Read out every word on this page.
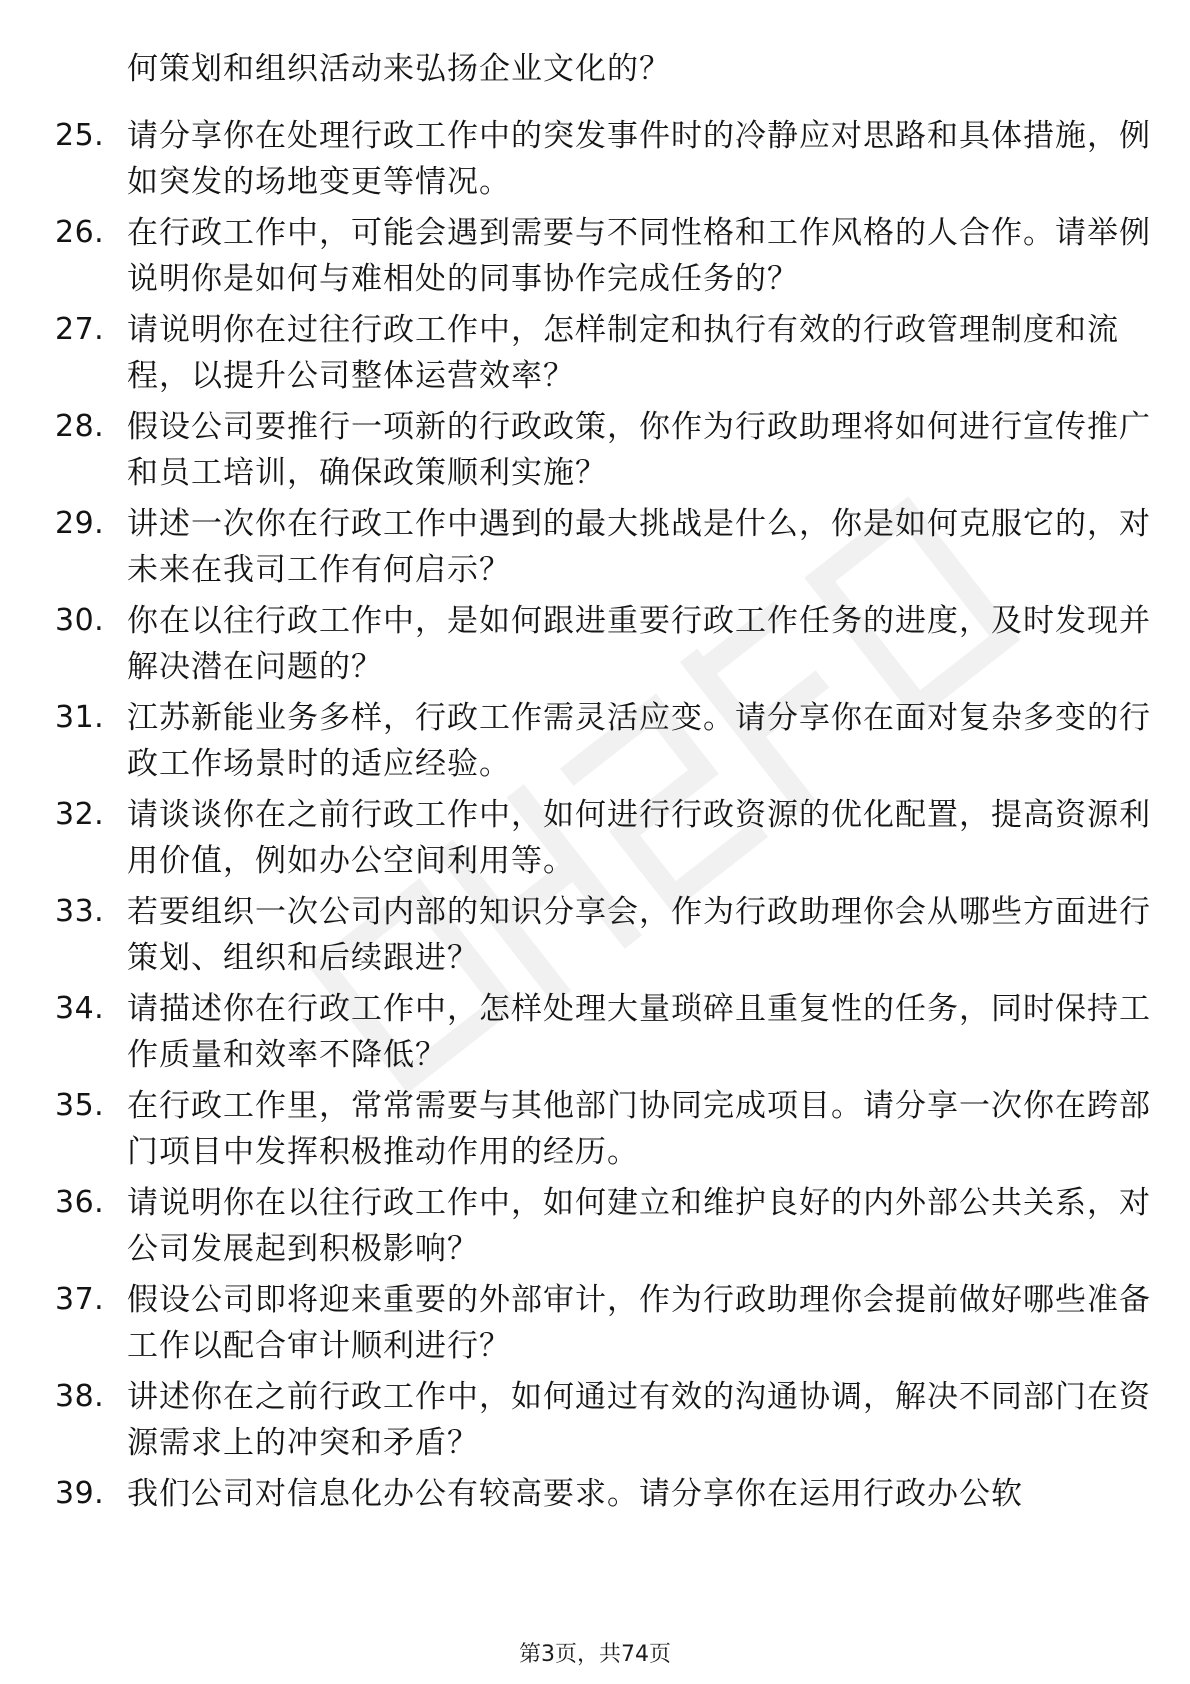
何策划和组织活动来弘扬企业文化的？
25. 请分享你在处理行政工作中的突发事件时的冷静应对思路和具体措施，例如突发的场地变更等情况。
26. 在行政工作中，可能会遇到需要与不同性格和工作风格的人合作。请举例说明你是如何与难相处的同事协作完成任务的？
27. 请说明你在过往行政工作中，怎样制定和执行有效的行政管理制度和流程，以提升公司整体运营效率？
28. 假设公司要推行一项新的行政政策，你作为行政助理将如何进行宣传推广和员工培训，确保政策顺利实施？
29. 讲述一次你在行政工作中遇到的最大挑战是什么，你是如何克服它的，对未来在我司工作有何启示？
30. 你在以往行政工作中，是如何跟进重要行政工作任务的进度，及时发现并解决潜在问题的？
31. 江苏新能业务多样，行政工作需灵活应变。请分享你在面对复杂多变的行政工作场景时的适应经验。
32. 请谈谈你在之前行政工作中，如何进行行政资源的优化配置，提高资源利用价值，例如办公空间利用等。
33. 若要组织一次公司内部的知识分享会，作为行政助理你会从哪些方面进行策划、组织和后续跟进？
34. 请描述你在行政工作中，怎样处理大量琐碎且重复性的任务，同时保持工作质量和效率不降低？
35. 在行政工作里，常常需要与其他部门协同完成项目。请分享一次你在跨部门项目中发挥积极推动作用的经历。
36. 请说明你在以往行政工作中，如何建立和维护良好的内外部公共关系，对公司发展起到积极影响？
37. 假设公司即将迎来重要的外部审计，作为行政助理你会提前做好哪些准备工作以配合审计顺利进行？
38. 讲述你在之前行政工作中，如何通过有效的沟通协调，解决不同部门在资源需求上的冲突和矛盾？
39. 我们公司对信息化办公有较高要求。请分享你在运用行政办公软
第3页，共74页
